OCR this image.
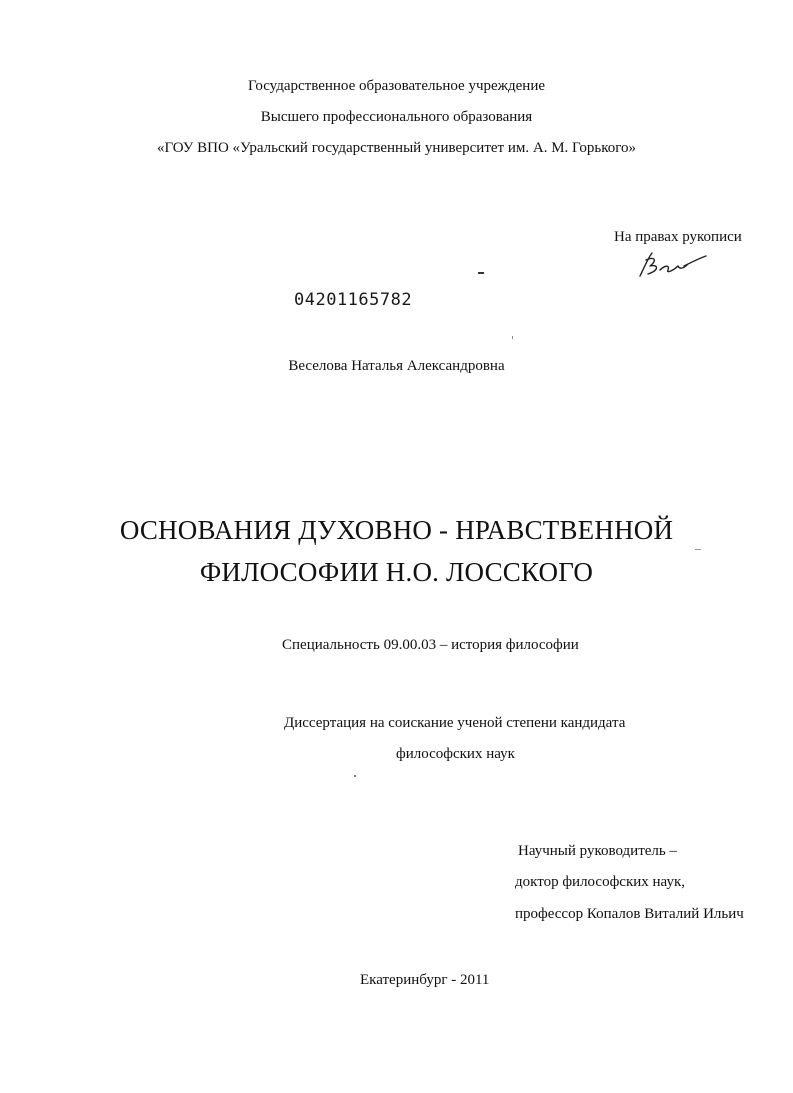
Государственное образовательное учреждение
Высшего профессионального образования
«ГОУ ВПО «Уральский государственный университет им. А. М. Горького»
На правах рукописи
04201165782
Веселова Наталья Александровна
ОСНОВАНИЯ ДУХОВНО - НРАВСТВЕННОЙ
ФИЛОСОФИИ Н.О. ЛОССКОГО
Специальность 09.00.03 – история философии
Диссертация на соискание ученой степени кандидата
философских наук
Научный руководитель –
доктор философских наук,
профессор Копалов Виталий Ильич
Екатеринбург - 2011
